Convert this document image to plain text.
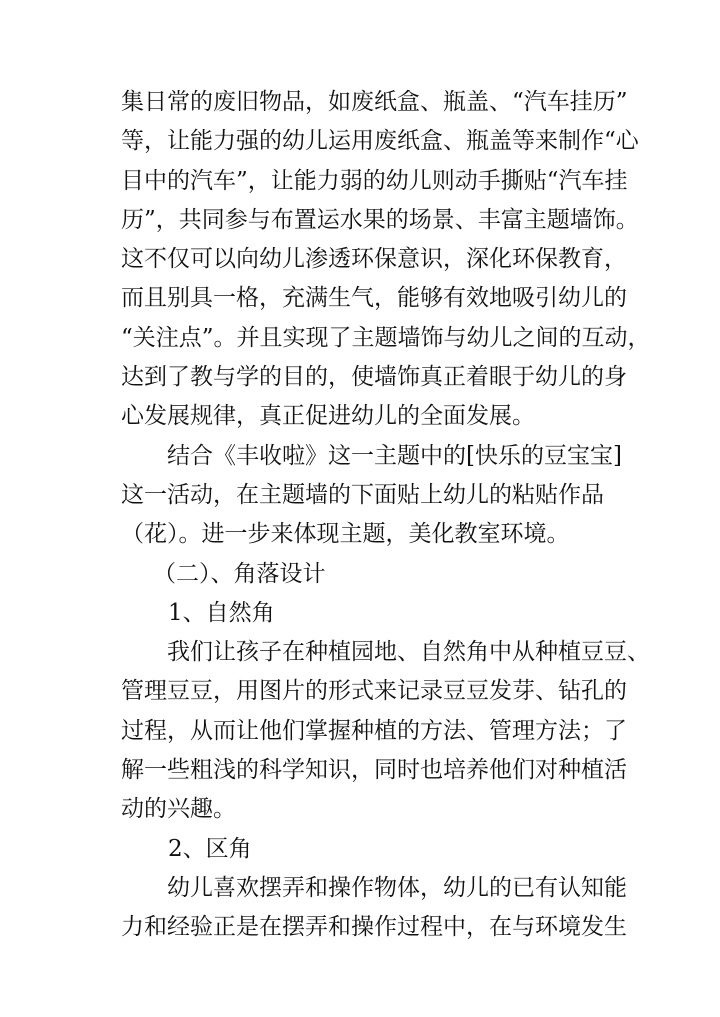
集日常的废旧物品，如废纸盒、瓶盖、“汽车挂历”
等，让能力强的幼儿运用废纸盒、瓶盖等来制作“心
目中的汽车”，让能力弱的幼儿则动手撕贴“汽车挂
历”，共同参与布置运水果的场景、丰富主题墙饰。
这不仅可以向幼儿渗透环保意识，深化环保教育，
而且别具一格，充满生气，能够有效地吸引幼儿的
“关注点”。并且实现了主题墙饰与幼儿之间的互动，
达到了教与学的目的，使墙饰真正着眼于幼儿的身
心发展规律，真正促进幼儿的全面发展。
结合《丰收啦》这一主题中的[快乐的豆宝宝]
这一活动，在主题墙的下面贴上幼儿的粘贴作品
（花）。进一步来体现主题，美化教室环境。
（二）、角落设计
1、自然角
我们让孩子在种植园地、自然角中从种植豆豆、
管理豆豆，用图片的形式来记录豆豆发芽、钻孔的
过程，从而让他们掌握种植的方法、管理方法；了
解一些粗浅的科学知识，同时也培养他们对种植活
动的兴趣。
2、区角
幼儿喜欢摆弄和操作物体，幼儿的已有认知能
力和经验正是在摆弄和操作过程中，在与环境发生
